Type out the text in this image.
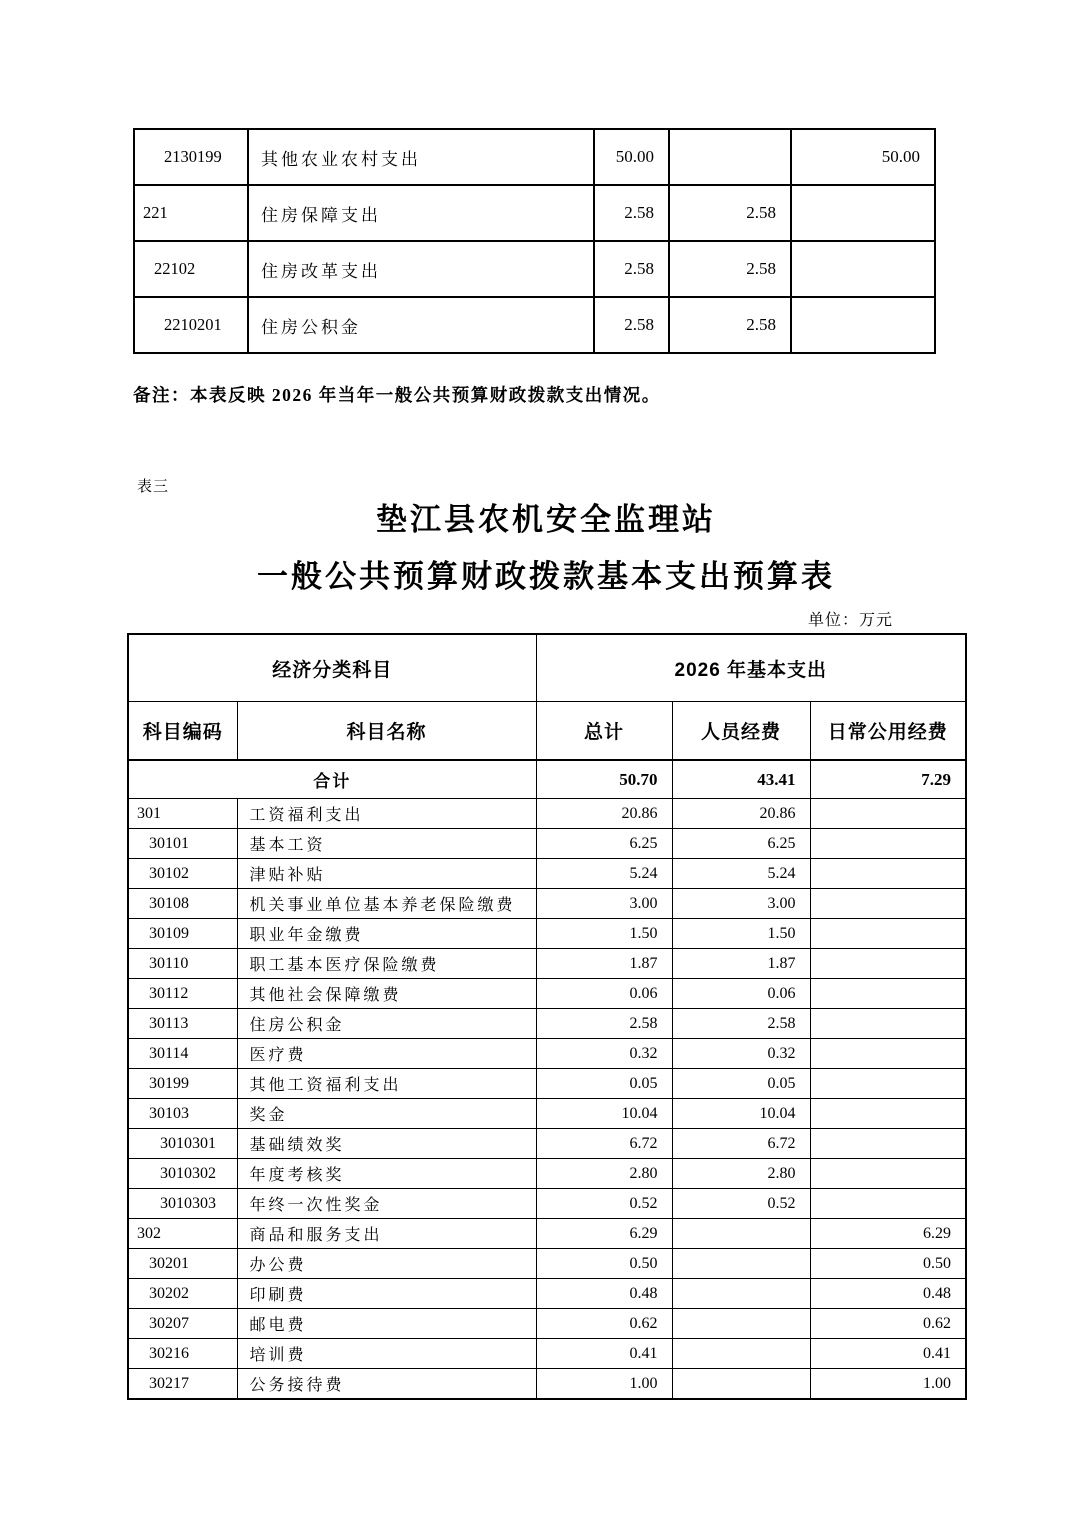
2130199	其他农业农村支出	50.00		50.00
221	住房保障支出	2.58	2.58	
22102	住房改革支出	2.58	2.58	
2210201	住房公积金	2.58	2.58	

备注：本表反映 2026 年当年一般公共预算财政拨款支出情况。

表三

垫江县农机安全监理站
一般公共预算财政拨款基本支出预算表
单位：万元
经济分类科目		2026 年基本支出		
科目编码	科目名称	总计	人员经费	日常公用经费
合计		50.70	43.41	7.29
301	工资福利支出	20.86	20.86	
30101	基本工资	6.25	6.25	
30102	津贴补贴	5.24	5.24	
30108	机关事业单位基本养老保险缴费	3.00	3.00	
30109	职业年金缴费	1.50	1.50	
30110	职工基本医疗保险缴费	1.87	1.87	
30112	其他社会保障缴费	0.06	0.06	
30113	住房公积金	2.58	2.58	
30114	医疗费	0.32	0.32	
30199	其他工资福利支出	0.05	0.05	
30103	奖金	10.04	10.04	
3010301	基础绩效奖	6.72	6.72	
3010302	年度考核奖	2.80	2.80	
3010303	年终一次性奖金	0.52	0.52	
302	商品和服务支出	6.29		6.29
30201	办公费	0.50		0.50
30202	印刷费	0.48		0.48
30207	邮电费	0.62		0.62
30216	培训费	0.41		0.41
30217	公务接待费	1.00		1.00
